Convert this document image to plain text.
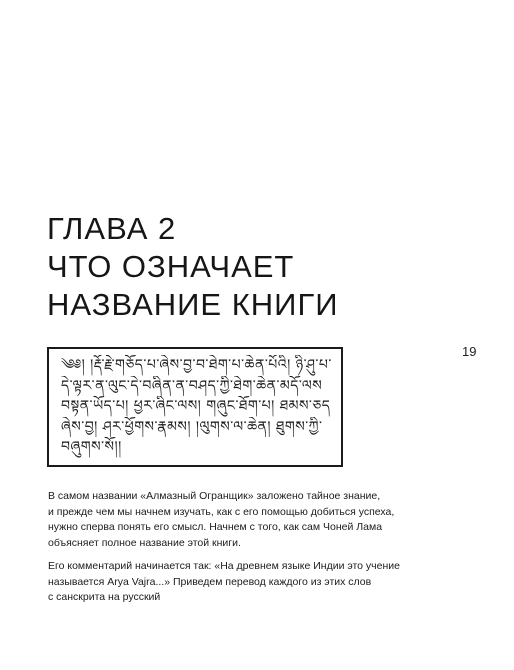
ГЛАВА 2
ЧТО ОЗНАЧАЕТ
НАЗВАНИЕ КНИГИ
19
༄༅། །རྡོ་རྗེ་གཅོད་པ་ཞེས་བྱ་བ་ཐེག་པ་ཆེན་པོའི། ཉི་ཤུ་པ་
དེ་ལྟར་ན་ལུང་དེ་བཞིན་ན་བཤད་ཀྱི་ཐེག་ཆེན་མདོ་ལས
བསྟན་ཡོད་པ། ཕྱར་ཞིང་ལས། གཞུང་ཐོག་པ། ཐམས་ཅད
ཞེས་བྱ། ཤར་ཕྱོགས་རྣམས། །ལུགས་ལ་ཆེན། ཐུགས་ཀྱི་
བཞུགས་སོ།།

В самом названии «Алмазный Огранщик» заложено тайное знание,
и прежде чем мы начнем изучать, как с его помощью добиться успеха,
нужно сперва понять его смысл. Начнем с того, как сам Чоней Лама
объясняет полное название этой книги.

Его комментарий начинается так: «На древнем языке Индии это учение
называется Arya Vajra...» Приведем перевод каждого из этих слов
с санскрита на русский
